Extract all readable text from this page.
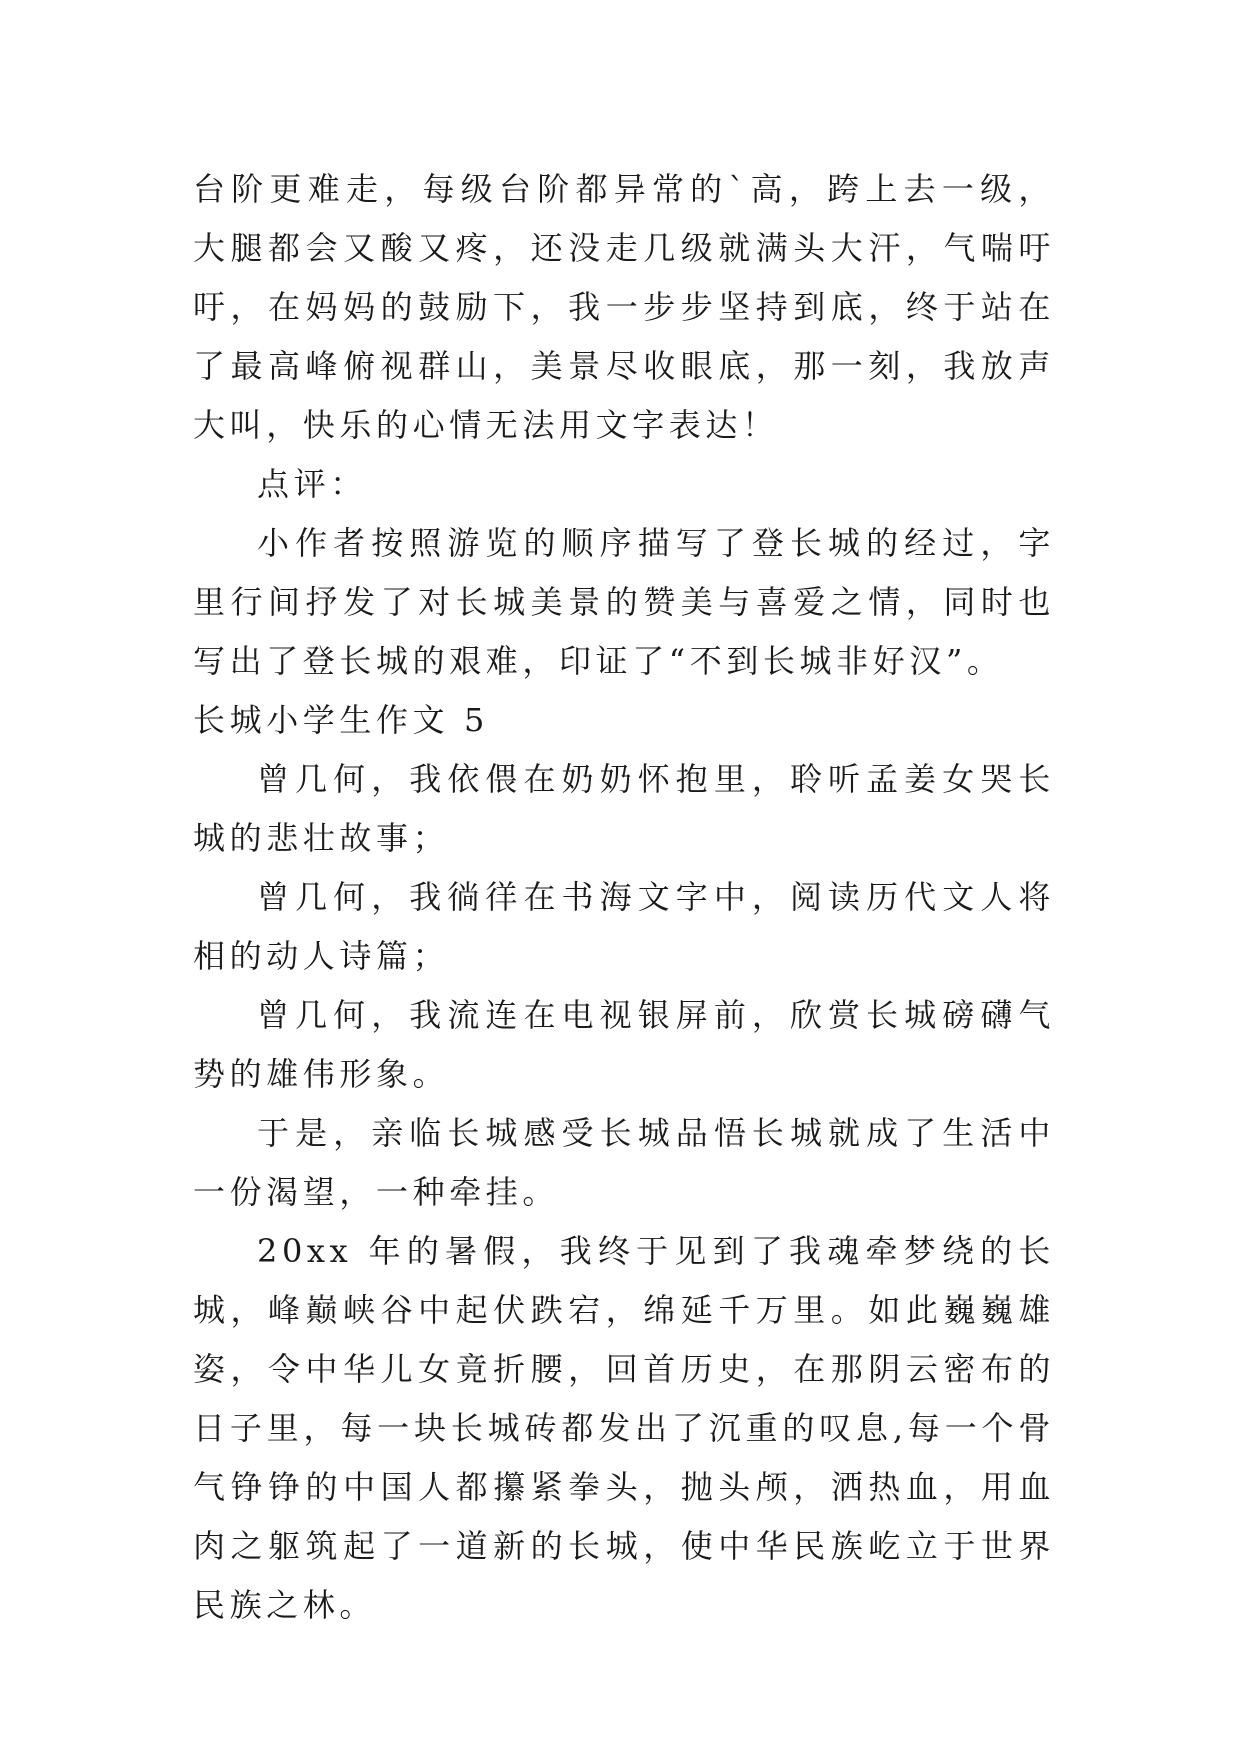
台阶更难走，每级台阶都异常的`高，跨上去一级，大腿都会又酸又疼，还没走几级就满头大汗，气喘吁吁，在妈妈的鼓励下，我一步步坚持到底，终于站在了最高峰俯视群山，美景尽收眼底，那一刻，我放声大叫，快乐的心情无法用文字表达！

点评：

小作者按照游览的顺序描写了登长城的经过，字里行间抒发了对长城美景的赞美与喜爱之情，同时也写出了登长城的艰难，印证了“不到长城非好汉”。

长城小学生作文 5

曾几何，我依偎在奶奶怀抱里，聆听孟姜女哭长城的悲壮故事；

曾几何，我徜徉在书海文字中，阅读历代文人将相的动人诗篇；

曾几何，我流连在电视银屏前，欣赏长城磅礴气势的雄伟形象。

于是，亲临长城感受长城品悟长城就成了生活中一份渴望，一种牵挂。

20xx 年的暑假，我终于见到了我魂牵梦绕的长城，峰巅峡谷中起伏跌宕，绵延千万里。如此巍巍雄姿，令中华儿女竟折腰，回首历史，在那阴云密布的日子里，每一块长城砖都发出了沉重的叹息,每一个骨气铮铮的中国人都攥紧拳头，抛头颅，洒热血，用血肉之躯筑起了一道新的长城，使中华民族屹立于世界民族之林。
